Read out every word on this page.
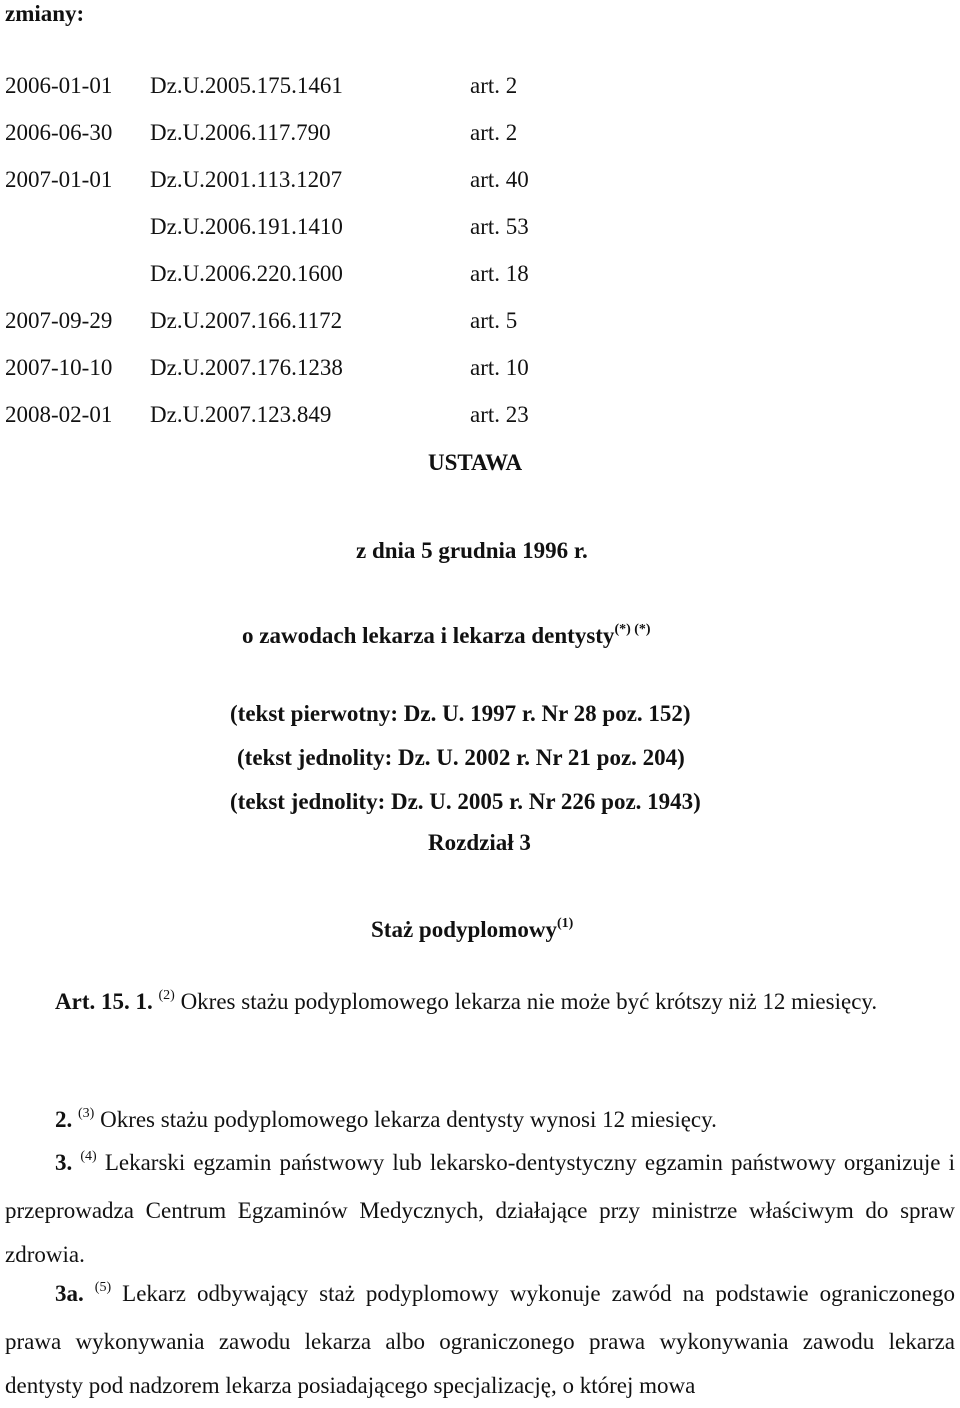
zmiany:
2006-01-01 Dz.U.2005.175.1461	art. 2
2006-06-30 Dz.U.2006.117.790	art. 2
2007-01-01 Dz.U.2001.113.1207	art. 40
Dz.U.2006.191.1410	art. 53
Dz.U.2006.220.1600	art. 18
2007-09-29 Dz.U.2007.166.1172	art. 5
2007-10-10 Dz.U.2007.176.1238	art. 10
2008-02-01 Dz.U.2007.123.849	art. 23
USTAWA
z dnia 5 grudnia 1996 r.
o zawodach lekarza i lekarza dentysty(*) (*)
(tekst pierwotny: Dz. U. 1997 r. Nr 28 poz. 152)
(tekst jednolity: Dz. U. 2002 r. Nr 21 poz. 204)
(tekst jednolity: Dz. U. 2005 r. Nr 226 poz. 1943)
Rozdział 3
Staż podyplomowy$^{(1)}$
Art. 15. 1. $^{(2)}$ Okres stażu podyplomowego lekarza nie może być krótszy niż 12 miesięcy.
2. $^{(3)}$ Okres stażu podyplomowego lekarza dentysty wynosi 12 miesięcy.
3. $^{(4)}$ Lekarski egzamin państwowy lub lekarsko-dentystyczny egzamin państwowy organizuje i przeprowadza Centrum Egzaminów Medycznych, działające przy ministrze właściwym do spraw zdrowia.
3a. $^{(5)}$ Lekarz odbywający staż podyplomowy wykonuje zawód na podstawie ograniczonego prawa wykonywania zawodu lekarza albo ograniczonego prawa wykonywania zawodu lekarza dentysty pod nadzorem lekarza posiadającego specjalizację, o której mowa
